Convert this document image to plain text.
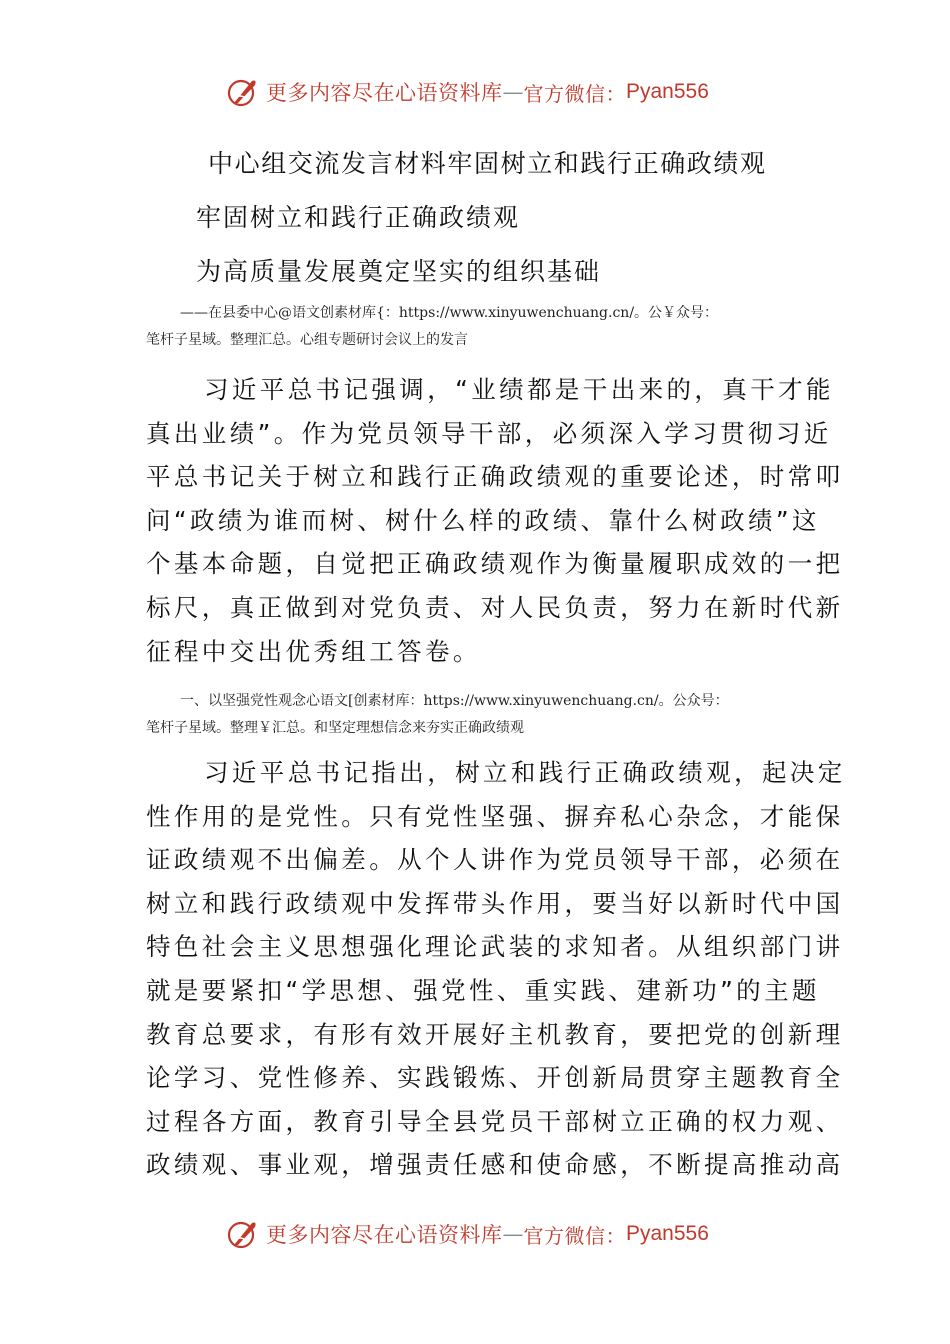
更多内容尽在心语资料库 — 官方微信： Pyan556
中心组交流发言材料牢固树立和践行正确政绩观
牢固树立和践行正确政绩观
为高质量发展奠定坚实的组织基础
——在县委中心@语文创素材库{：https://www.xinyuwenchuang.cn/。公￥众号：
笔杆子星域。整理汇总。心组专题研讨会议上的发言
习近平总书记强调，“业绩都是干出来的，真干才能
真出业绩”。作为党员领导干部，必须深入学习贯彻习近
平总书记关于树立和践行正确政绩观的重要论述，时常叩
问“政绩为谁而树、树什么样的政绩、靠什么树政绩”这
个基本命题，自觉把正确政绩观作为衡量履职成效的一把
标尺，真正做到对党负责、对人民负责，努力在新时代新
征程中交出优秀组工答卷。
一、以坚强党性观念心语文[创素材库：https://www.xinyuwenchuang.cn/。公众号：
笔杆子星域。整理￥汇总。和坚定理想信念来夯实正确政绩观
习近平总书记指出，树立和践行正确政绩观，起决定
性作用的是党性。只有党性坚强、摒弃私心杂念，才能保
证政绩观不出偏差。从个人讲作为党员领导干部，必须在
树立和践行政绩观中发挥带头作用，要当好以新时代中国
特色社会主义思想强化理论武装的求知者。从组织部门讲
就是要紧扣“学思想、强党性、重实践、建新功”的主题
教育总要求，有形有效开展好主机教育，要把党的创新理
论学习、党性修养、实践锻炼、开创新局贯穿主题教育全
过程各方面，教育引导全县党员干部树立正确的权力观、
政绩观、事业观，增强责任感和使命感，不断提高推动高
更多内容尽在心语资料库 — 官方微信： Pyan556
